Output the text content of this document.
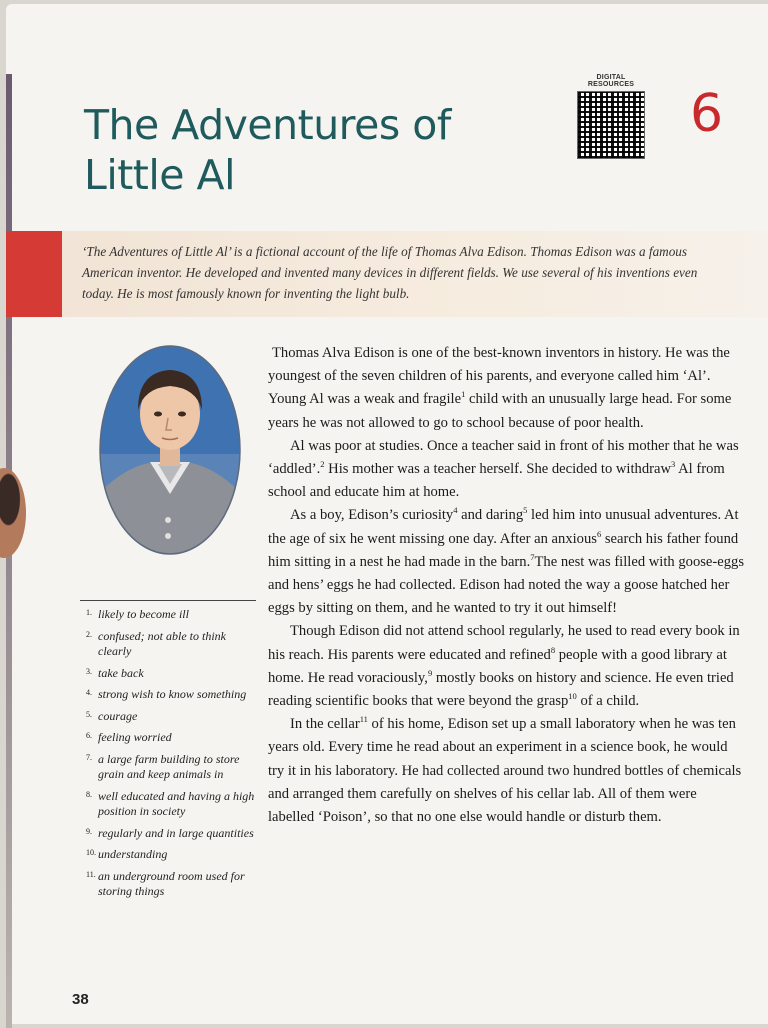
The Adventures of
Little Al
DIGITAL RESOURCES 6

‘The Adventures of Little Al’ is a fictional account of the life of Thomas Alva Edison. Thomas Edison was a famous American inventor. He developed and invented many devices in different fields. We use several of his inventions even today. He is most famously known for inventing the light bulb.

1. likely to become ill
2. confused; not able to think clearly
3. take back
4. strong wish to know something
5. courage
6. feeling worried
7. a large farm building to store grain and keep animals in
8. well educated and having a high position in society
9. regularly and in large quantities
10. understanding
11. an underground room used for storing things

Thomas Alva Edison is one of the best-known inventors in history. He was the youngest of the seven children of his parents, and everyone called him ‘Al’. Young Al was a weak and fragile$^1$ child with an unusually large head. For some years he was not allowed to go to school because of poor health.

Al was poor at studies. Once a teacher said in front of his mother that he was ‘addled’.$^2$ His mother was a teacher herself. She decided to withdraw$^3$ Al from school and educate him at home.

As a boy, Edison’s curiosity$^4$ and daring$^5$ led him into unusual adventures. At the age of six he went missing one day. After an anxious$^6$ search his father found him sitting in a nest he had made in the barn.$^7$The nest was filled with goose-eggs and hens’ eggs he had collected. Edison had noted the way a goose hatched her eggs by sitting on them, and he wanted to try it out himself!

Though Edison did not attend school regularly, he used to read every book in his reach. His parents were educated and refined$^8$ people with a good library at home. He read voraciously,$^9$ mostly books on history and science. He even tried reading scientific books that were beyond the grasp$^{10}$ of a child.

In the cellar$^{11}$ of his home, Edison set up a small laboratory when he was ten years old. Every time he read about an experiment in a science book, he would try it in his laboratory. He had collected around two hundred bottles of chemicals and arranged them carefully on shelves of his cellar lab. All of them were labelled ‘Poison’, so that no one else would handle or disturb them.

38
